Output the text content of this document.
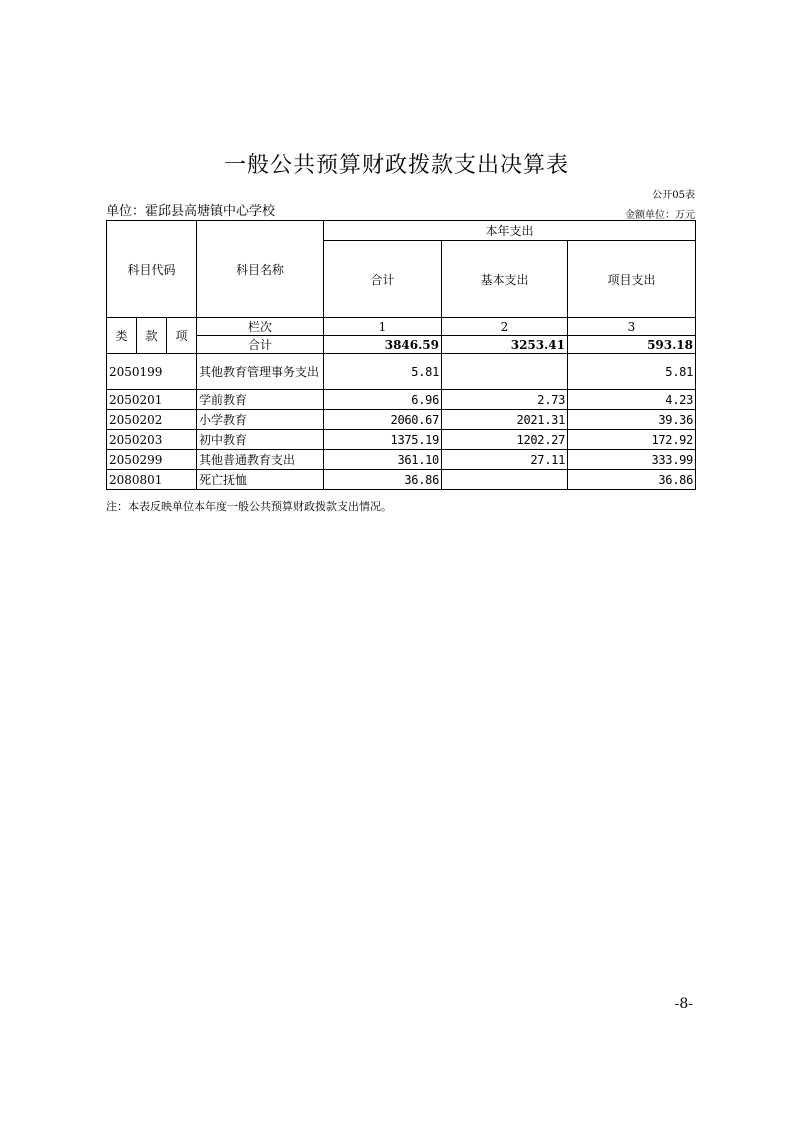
一般公共预算财政拨款支出决算表
公开05表
单位：霍邱县高塘镇中心学校	金额单位：万元
科目代码			科目名称	本年支出		
				合计	基本支出	项目支出
类	款	项	栏次	1	2	3
			合计	3846.59	3253.41	593.18
2050199			其他教育管理事务支出	5.81		5.81
2050201			学前教育	6.96	2.73	4.23
2050202			小学教育	2060.67	2021.31	39.36
2050203			初中教育	1375.19	1202.27	172.92
2050299			其他普通教育支出	361.10	27.11	333.99
2080801			死亡抚恤	36.86		36.86
注：本表反映单位本年度一般公共预算财政拨款支出情况。
-8-
